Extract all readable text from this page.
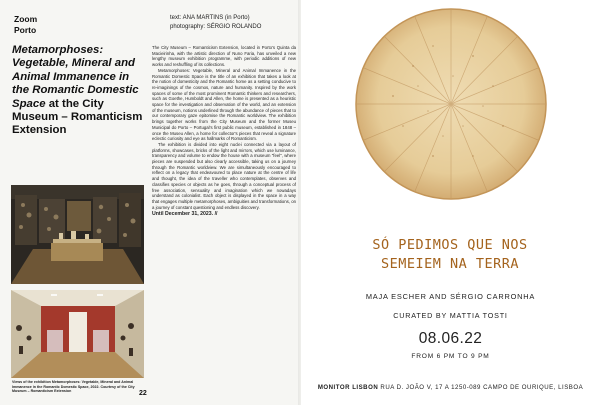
Zoom
Porto
text: ANA MARTINS (in Porto)
photography: SÉRGIO ROLANDO
Metamorphoses: Vegetable, Mineral and Animal Immanence in the Romantic Domestic Space at the City Museum – Romanticism Extension

The City Museum – Romanticism Extension, located in Porto's Quinta da Macieirinha, with the artistic direction of Nuno Faria, has unveiled a new lengthy museum exhibition programme, with periodic additions of new works and reshuffling of its collections.

Metamorphoses: Vegetable, Mineral and Animal Immanence in the Romantic Domestic Space is the title of an exhibition that takes a look at the notion of domesticity and the Romantic home as a setting conducive to re-imaginings of the cosmos, nature and humanity. Inspired by the work spaces of some of the most prominent Romantic thinkers and researchers, such as Goethe, Humboldt and Allen, the home is presented as a heuristic space for the investigation and observation of the world, and an extension of the museum, notions underlined through the abundance of pieces that to our contemporary gaze epitomise the Romantic worldview. The exhibition brings together works from the City Museum and the former Museu Municipal do Porto – Portugal's first public museum, established in 1848 – once the Museu Allen, a home for collector's pieces that reveal a signature eclectic curiosity and eye as hallmarks of Romanticism.

The exhibition is divided into eight nuclei connected via a layout of platforms, showcases, bricks of the light and mirrors, which use luminance, transparency and volume to endow the house with a museum "feel", where pieces are suspended but also clearly accessible, taking us on a journey through the Romantic worldview. We are simultaneously encouraged to reflect on a legacy that endeavoured to place nature at the centre of life and thought, the idea of the traveller who contemplates, observes and classifies species or objects as he goes, through a conceptual process of free association, sensuality and imagination which we nowadays understand as colonialist. Each object is displayed in the space in a way that engages multiple metamorphoses, ambiguities and transformations, on a journey of constant questioning and endless discovery.

Until December 31, 2023. //
Views of the exhibition Metamorphoses: Vegetable, Mineral and Animal Immanence in the Romantic Domestic Space, 2022. Courtesy of the City Museum – Romanticism Extension	22
SÓ PEDIMOS QUE NOS
SEMEIEM NA TERRA
MAJA ESCHER AND SÉRGIO CARRONHA
CURATED BY MATTIA TOSTI
08.06.22
FROM 6 PM TO 9 PM
MONITOR LISBON RUA D. JOÃO V, 17 A 1250-089 CAMPO DE OURIQUE, LISBOA
